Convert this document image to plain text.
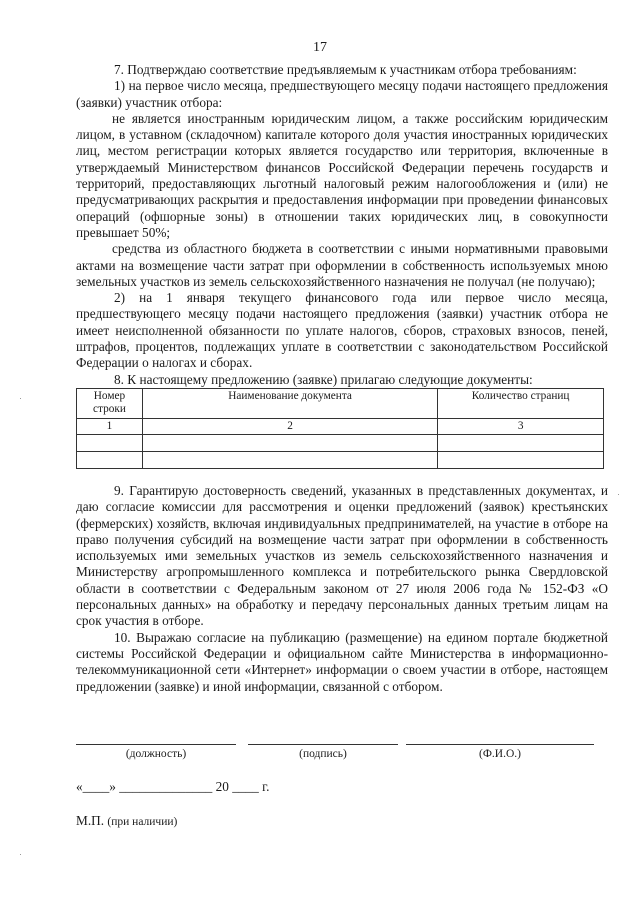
17

7. Подтверждаю соответствие предъявляемым к участникам отбора требованиям:

1) на первое число месяца, предшествующего месяцу подачи настоящего предложения (заявки) участник отбора:

не является иностранным юридическим лицом, а также российским юридическим лицом, в уставном (складочном) капитале которого доля участия иностранных юридических лиц, местом регистрации которых является государство или территория, включенные в утверждаемый Министерством финансов Российской Федерации перечень государств и территорий, предоставляющих льготный налоговый режим налогообложения и (или) не предусматривающих раскрытия и предоставления информации при проведении финансовых операций (офшорные зоны) в отношении таких юридических лиц, в совокупности превышает 50%;

средства из областного бюджета в соответствии с иными нормативными правовыми актами на возмещение части затрат при оформлении в собственность используемых мною земельных участков из земель сельскохозяйственного назначения не получал (не получаю);

2) на 1 января текущего финансового года или первое число месяца, предшествующего месяцу подачи настоящего предложения (заявки) участник отбора не имеет неисполненной обязанности по уплате налогов, сборов, страховых взносов, пеней, штрафов, процентов, подлежащих уплате в соответствии с законодательством Российской Федерации о налогах и сборах.

8. К настоящему предложению (заявке) прилагаю следующие документы:

Номер строки	Наименование документа	Количество страниц
1	2	3

9. Гарантирую достоверность сведений, указанных в представленных документах, и даю согласие комиссии для рассмотрения и оценки предложений (заявок) крестьянских (фермерских) хозяйств, включая индивидуальных предпринимателей, на участие в отборе на право получения субсидий на возмещение части затрат при оформлении в собственность используемых ими земельных участков из земель сельскохозяйственного назначения и Министерству агропромышленного комплекса и потребительского рынка Свердловской области в соответствии с Федеральным законом от 27 июля 2006 года № 152-ФЗ «О персональных данных» на обработку и передачу персональных данных третьим лицам на срок участия в отборе.

10. Выражаю согласие на публикацию (размещение) на едином портале бюджетной системы Российской Федерации и официальном сайте Министерства в информационно-телекоммуникационной сети «Интернет» информации о своем участии в отборе, настоящем предложении (заявке) и иной информации, связанной с отбором.

(должность)	(подпись)	(Ф.И.О.)
«____» ______________ 20 ____ г.
М.П. (при наличии)
